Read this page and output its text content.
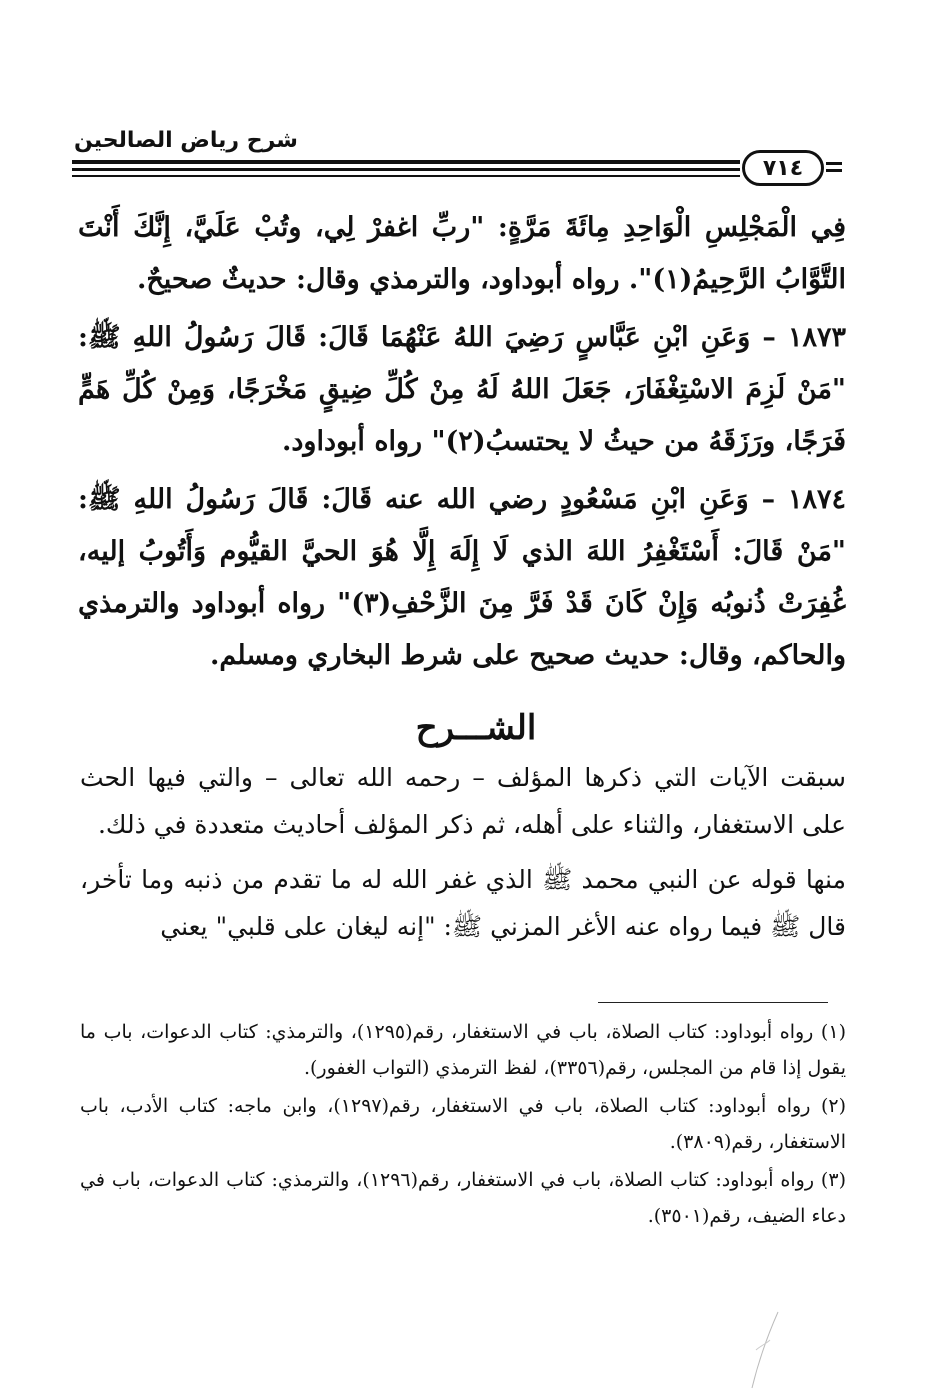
شرح رياض الصالحين
٧١٤

فِي الْمَجْلِسِ الْوَاحِدِ مِائَةَ مَرَّةٍ: "ربِّ اغفرْ لِي، وتُبْ عَلَيَّ، إِنَّكَ أَنْتَ التَّوَّابُ الرَّحِيمُ(١)". رواه أبوداود، والترمذي وقال: حديثٌ صحيحٌ.

١٨٧٣ – وَعَنِ ابْنِ عَبَّاسٍ رَضِيَ اللهُ عَنْهُمَا قَالَ: قَالَ رَسُولُ اللهِ ﷺ: "مَنْ لَزِمَ الاسْتِغْفَارَ، جَعَلَ اللهُ لَهُ مِنْ كُلِّ ضِيقٍ مَخْرَجًا، وَمِنْ كُلِّ هَمٍّ فَرَجًا، ورَزَقَهُ من حيثُ لا يحتسبُ(٢)" رواه أبوداود.

١٨٧٤ – وَعَنِ ابْنِ مَسْعُودٍ رضي الله عنه قَالَ: قَالَ رَسُولُ اللهِ ﷺ: "مَنْ قَالَ: أَسْتَغْفِرُ اللهَ الذي لَا إِلَهَ إِلَّا هُوَ الحيَّ القيُّوم وَأَتُوبُ إليه، غُفِرَتْ ذُنوبُه وَإِنْ كَانَ قَدْ فَرَّ مِنَ الزَّحْفِ(٣)" رواه أبوداود والترمذي والحاكم، وقال: حديث صحيح على شرط البخاري ومسلم.

الشـــرح

سبقت الآيات التي ذكرها المؤلف – رحمه الله تعالى – والتي فيها الحث على الاستغفار، والثناء على أهله، ثم ذكر المؤلف أحاديث متعددة في ذلك.

منها قوله عن النبي محمد ﷺ الذي غفر الله له ما تقدم من ذنبه وما تأخر، قال ﷺ فيما رواه عنه الأغر المزني ﷺ: "إنه ليغان على قلبي" يعني

(١) رواه أبوداود: كتاب الصلاة، باب في الاستغفار، رقم(١٢٩٥)، والترمذي: كتاب الدعوات، باب ما يقول إذا قام من المجلس، رقم(٣٣٥٦)، لفظ الترمذي (التواب الغفور).

(٢) رواه أبوداود: كتاب الصلاة، باب في الاستغفار، رقم(١٢٩٧)، وابن ماجه: كتاب الأدب، باب الاستغفار، رقم(٣٨٠٩).

(٣) رواه أبوداود: كتاب الصلاة، باب في الاستغفار، رقم(١٢٩٦)، والترمذي: كتاب الدعوات، باب في دعاء الضيف، رقم(٣٥٠١).
